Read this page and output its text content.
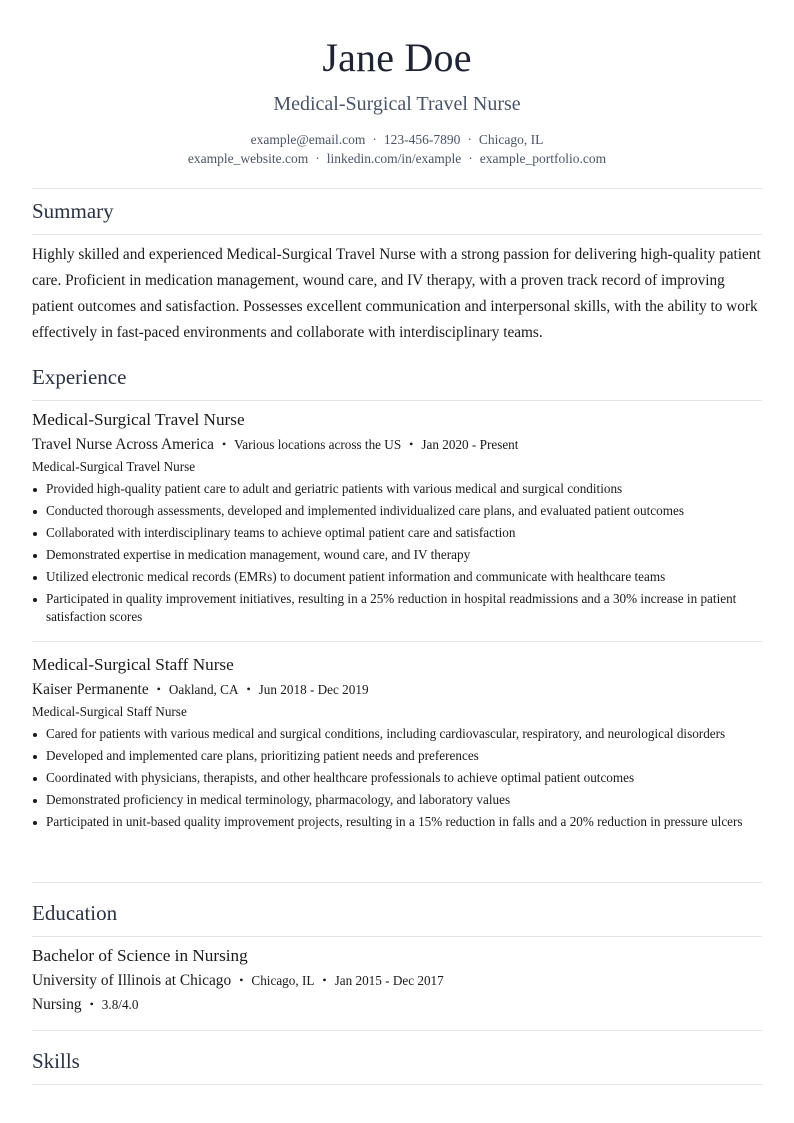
Jane Doe
Medical-Surgical Travel Nurse
example@email.com · 123-456-7890 · Chicago, IL
example_website.com · linkedin.com/in/example · example_portfolio.com
Summary
Highly skilled and experienced Medical-Surgical Travel Nurse with a strong passion for delivering high-quality patient care. Proficient in medication management, wound care, and IV therapy, with a proven track record of improving patient outcomes and satisfaction. Possesses excellent communication and interpersonal skills, with the ability to work effectively in fast-paced environments and collaborate with interdisciplinary teams.
Experience
Medical-Surgical Travel Nurse
Travel Nurse Across America • Various locations across the US • Jan 2020 - Present
Medical-Surgical Travel Nurse
Provided high-quality patient care to adult and geriatric patients with various medical and surgical conditions
Conducted thorough assessments, developed and implemented individualized care plans, and evaluated patient outcomes
Collaborated with interdisciplinary teams to achieve optimal patient care and satisfaction
Demonstrated expertise in medication management, wound care, and IV therapy
Utilized electronic medical records (EMRs) to document patient information and communicate with healthcare teams
Participated in quality improvement initiatives, resulting in a 25% reduction in hospital readmissions and a 30% increase in patient satisfaction scores
Medical-Surgical Staff Nurse
Kaiser Permanente • Oakland, CA • Jun 2018 - Dec 2019
Medical-Surgical Staff Nurse
Cared for patients with various medical and surgical conditions, including cardiovascular, respiratory, and neurological disorders
Developed and implemented care plans, prioritizing patient needs and preferences
Coordinated with physicians, therapists, and other healthcare professionals to achieve optimal patient outcomes
Demonstrated proficiency in medical terminology, pharmacology, and laboratory values
Participated in unit-based quality improvement projects, resulting in a 15% reduction in falls and a 20% reduction in pressure ulcers
Education
Bachelor of Science in Nursing
University of Illinois at Chicago • Chicago, IL • Jan 2015 - Dec 2017
Nursing • 3.8/4.0
Skills
